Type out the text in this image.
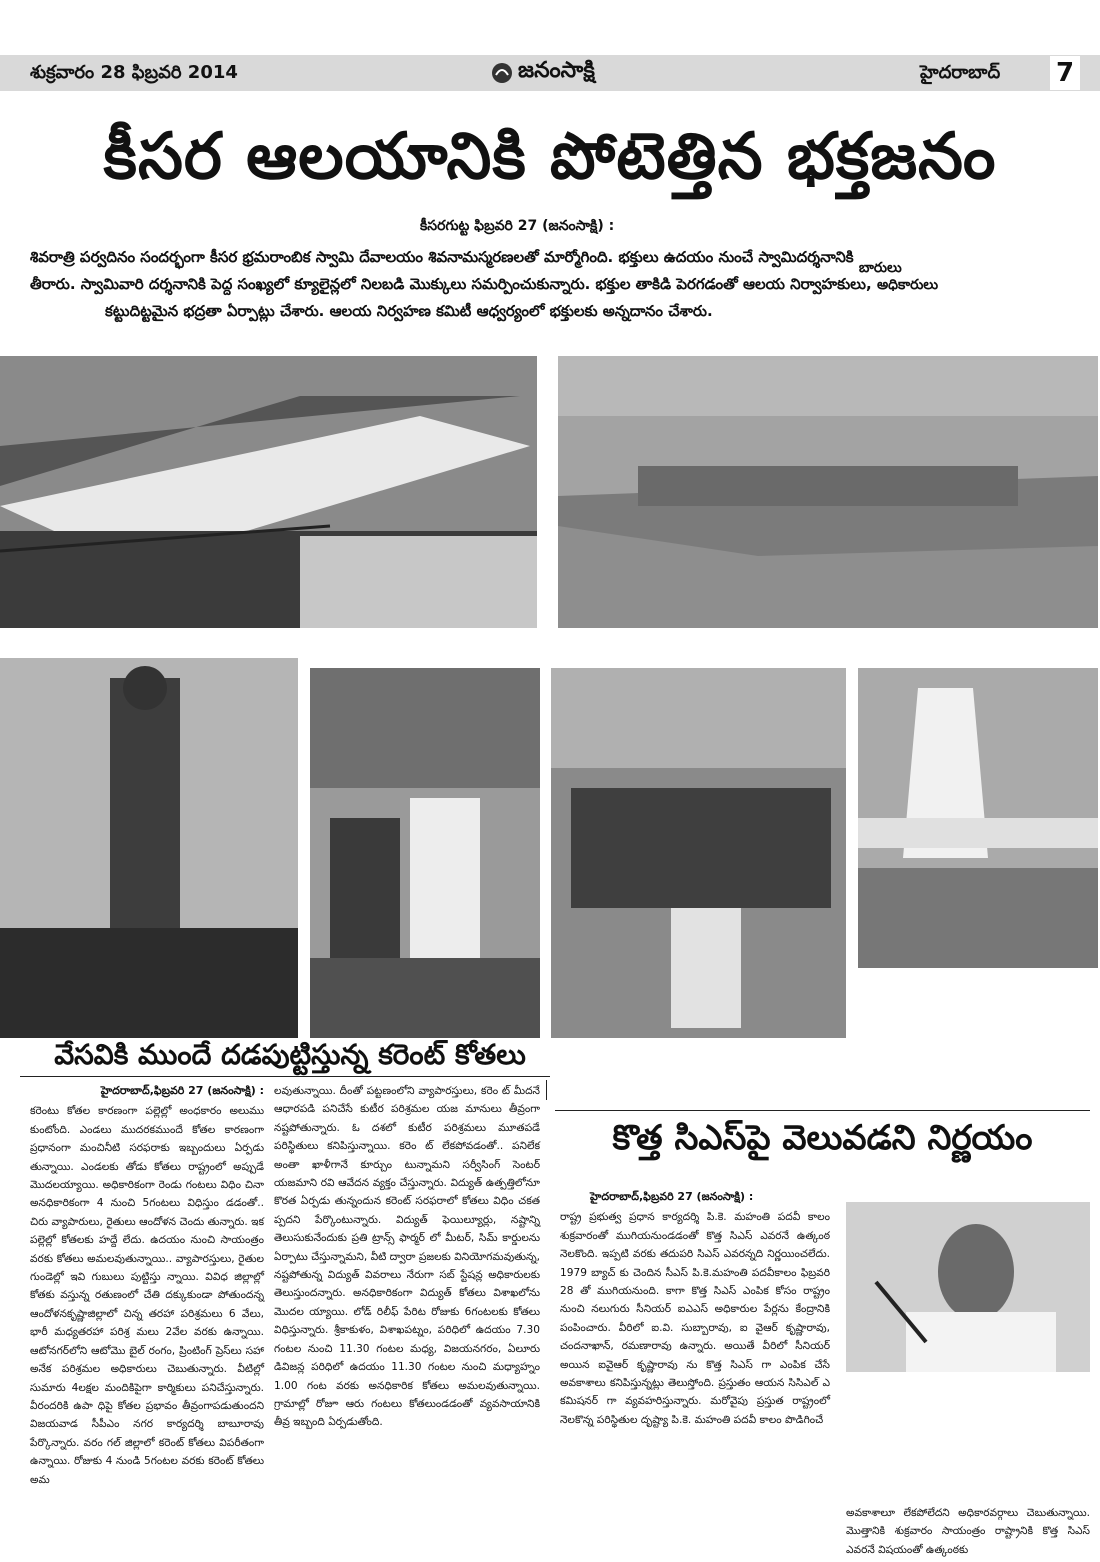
శుక్రవారం 28 ఫిబ్రవరి 2014	జనంసాక్షి	హైదరాబాద్ 7
కీసర ఆలయానికి పోటెత్తిన భక్తజనం
కీసరగుట్ట ఫిబ్రవరి 27 (జనంసాక్షి) :

శివరాత్రి పర్వదినం సందర్భంగా కీసర భ్రమరాంబిక స్వామి దేవాలయం శివనామస్మరణలతో మార్మోగింది. భక్తులు ఉదయం నుంచే స్వామిదర్శనానికి బారులు

తీరారు. స్వామివారి దర్శనానికి పెద్ద సంఖ్యలో క్యూలైన్లలో నిలబడి మొక్కులు సమర్పించుకున్నారు. భక్తుల తాకిడి పెరగడంతో ఆలయ నిర్వాహకులు, అధికారులు

కట్టుదిట్టమైన భద్రతా ఏర్పాట్లు చేశారు. ఆలయ నిర్వహణ కమిటీ ఆధ్వర్యంలో భక్తులకు అన్నదానం చేశారు.

వేసవికి ముందే దడపుట్టిస్తున్న కరెంట్ కోతలు
కొత్త సిఎస్‌పై వెలువడని నిర్ణయం

హైదరాబాద్,ఫిబ్రవరి 27 (జనంసాక్షి) :

కరెంటు కోతల కారణంగా పల్లెల్లో అంధకారం అలుము కుంటోంది. ఎండలు ముదరకముందే కోతల కారణంగా ప్రధానంగా మంచినీటి సరఫరాకు ఇబ్బందులు ఏర్పడు తున్నాయి. ఎండలకు తోడు కోతలు రాష్ట్రంలో అప్పుడే మొదలయ్యాయి. అధికారికంగా రెండు గంటలు విధిం చినా అనధికారికంగా 4 నుంచి 5గంటలు విధిస్తుం డడంతో.. చిరు వ్యాపారులు, రైతులు ఆందోళన చెందు తున్నారు. ఇక పల్లెల్లో కోతలకు హద్దే లేదు. ఉదయం నుంచి సాయంత్రం వరకు కోతలు అమలవుతున్నాయి.. వ్యాపారస్తులు, రైతుల గుండెల్లో ఇవి గుబులు పుట్టిస్తు న్నాయి. వివిధ జిల్లాల్లో కోతకు వస్తున్న రతుణంలో చేతి దక్కుకుండా పోతుందన్న ఆందోళనకృష్ణాజిల్లాలో చిన్న తరహా పరిశ్రమలు 6 వేలు, భారీ మధ్యతరహా పరిశ్ర మలు 2వేల వరకు ఉన్నాయి. ఆటోనగర్‌లోని ఆటోమొ బైల్ రంగం, ప్రింటింగ్ ప్రెస్‌లు సహా అనేక పరిశ్రమల అధికారులు చెబుతున్నారు. వీటిల్లో సుమారు 4లక్షల మందికిపైగా కార్మికులు పనిచేస్తున్నారు. వీరందరికి ఉపా ధిపై కోతల ప్రభావం తీవ్రంగాపడుతుందని విజయవాడ సీపీఎం నగర కార్యదర్శి బాబూరావు పేర్కొన్నారు. వరం గల్ జిల్లాలో కరెంట్ కోతలు విపరీతంగా ఉన్నాయి. రోజుకు 4 నుండి 5గంటల వరకు కరెంట్ కోతలు అమ

లవుతున్నాయి. దీంతో పట్టణంలోని వ్యాపారస్తులు, కరెం ట్ మీదనే ఆధారపడి పనిచేసే కుటీర పరిశ్రమల యజ మానులు తీవ్రంగా నష్టపోతున్నారు. ఓ దశలో కుటీర పరిశ్రమలు మూతపడే పరిస్థితులు కనిపిస్తున్నాయి. కరెం ట్ లేకపోవడంతో.. పనిలేక అంతా ఖాళీగానే కూర్చుం టున్నామని సర్వీసింగ్ సెంటర్ యజమాని రవి ఆవేదన వ్యక్తం చేస్తున్నారు. విద్యుత్ ఉత్పత్తిలోనూ కొరత ఏర్పడు తున్నందున కరెంట్ సరఫరాలో కోతలు విధిం చకత ప్పదని పేర్కొంటున్నారు. విద్యుత్ ఫెయిల్యూర్లు, నష్టాన్ని తెలుసుకునేందుకు ప్రతి ట్రాన్స్ ఫార్మర్ లో మీటర్, సిమ్ కార్డులను ఏర్పాటు చేస్తున్నామని, వీటి ద్వారా ప్రజలకు వినియోగమవుతున్న, నష్టపోతున్న విద్యుత్ వివరాలు నేరుగా సబ్ స్టేషన్ల అధికారులకు తెలుస్తుందన్నారు. అనధికారికంగా విద్యుత్ కోతలు విశాఖలోను మొదల య్యాయి. లోడ్ రిలీఫ్ పేరిట రోజుకు 6గంటలకు కోతలు విధిస్తున్నారు. శ్రీకాకుళం, విశాఖపట్నం, పరిధిలో ఉదయం 7.30 గంటల నుంచి 11.30 గంటల మధ్య, విజయనగరం, ఏలూరు డివిజన్ల పరిధిలో ఉదయం 11.30 గంటల నుంచి మధ్యాహ్నం 1.00 గంట వరకు అనధికారిక కోతలు అమలవుతున్నాయి. గ్రామాల్లో రోజూ ఆరు గంటలు కోతలుండడంతో వ్యవసాయానికి తీవ్ర ఇబ్బంది ఏర్పడుతోంది.

హైదరాబాద్,ఫిబ్రవరి 27 (జనంసాక్షి) :

రాష్ట్ర ప్రభుత్వ ప్రధాన కార్యదర్శి పి.కె. మహంతి పదవీ కాలం శుక్రవారంతో ముగియనుండడంతో కొత్త సిఎస్ ఎవరనే ఉత్కంఠ నెలకొంది. ఇప్పటి వరకు తదుపరి సిఎస్ ఎవరన్నది నిర్ణయించలేదు. 1979 బ్యాచ్ కు చెందిన సీఎస్ పి.కె.మహంతి పదవీకాలం ఫిబ్రవరి 28 తో ముగియనుంది. కాగా కొత్త సిఎస్ ఎంపిక కోసం రాష్ట్రం నుంచి నలుగురు సీనియర్ ఐఎఎస్ అధికారుల పేర్లను కేంద్రానికి పంపించారు. వీరిలో ఐ.వి. సుబ్బారావు, ఐ వైఆర్ కృష్ణారావు, చందనాఖాన్, రమణారావు ఉన్నారు. అయితే వీరిలో సీనియర్ అయిన ఐవైఆర్ కృష్ణారావు ను కొత్త సిఎస్ గా ఎంపిక చేసే అవకాశాలు కనిపిస్తున్నట్లు తెలుస్తోంది. ప్రస్తుతం ఆయన సిసిఎల్ ఎ కమిషనర్ గా వ్యవహరిస్తున్నారు. మరోవైపు ప్రస్తుత రాష్ట్రంలో నెలకొన్న పరిస్థితుల దృష్ట్యా పి.కె. మహంతి పదవీ కాలం పొడిగించే

అవకాశాలూ లేకపోలేదని అధికారవర్గాలు చెబుతున్నాయి. మొత్తానికి శుక్రవారం సాయంత్రం రాష్ట్రానికి కొత్త సిఎస్ ఎవరనే విషయంతో ఉత్కంఠకు
